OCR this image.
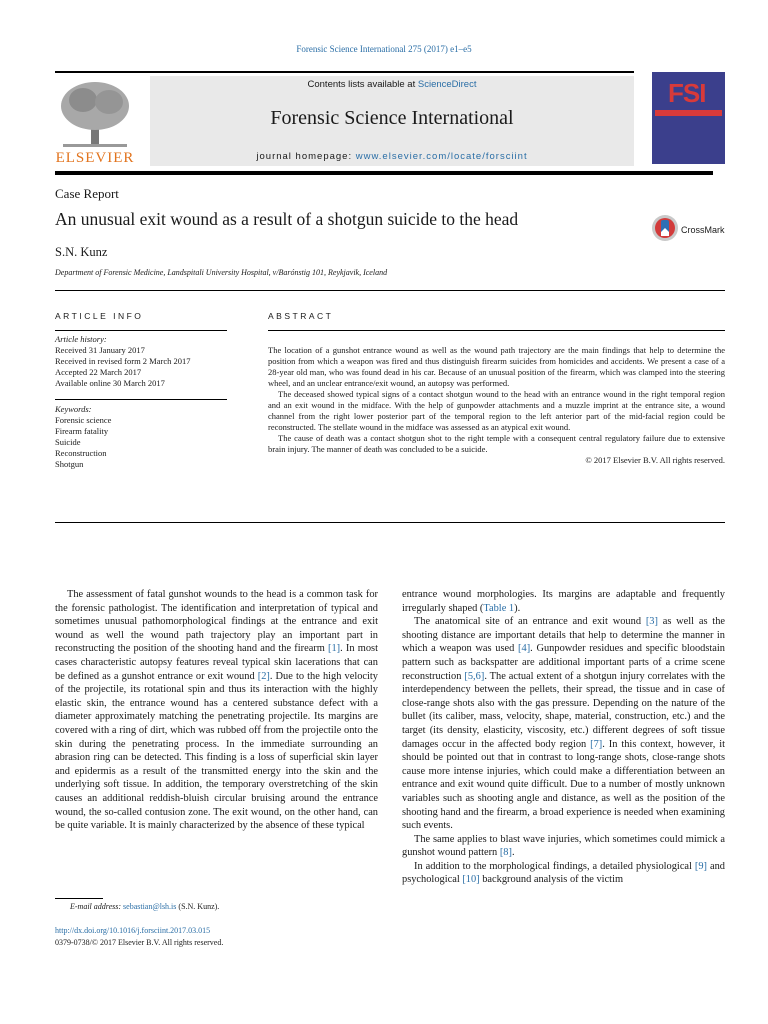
Forensic Science International 275 (2017) e1–e5
ELSEVIER
Contents lists available at ScienceDirect
Forensic Science International
journal homepage: www.elsevier.com/locate/forsciint
FSI
Case Report
An unusual exit wound as a result of a shotgun suicide to the head
CrossMark
S.N. Kunz
Department of Forensic Medicine, Landspitali University Hospital, v/Barónstig 101, Reykjavik, Iceland
ARTICLE INFO	ABSTRACT
Article history:
Received 31 January 2017
Received in revised form 2 March 2017
Accepted 22 March 2017
Available online 30 March 2017
Keywords:
Forensic science
Firearm fatality
Suicide
Reconstruction
Shotgun

The location of a gunshot entrance wound as well as the wound path trajectory are the main findings that help to determine the position from which a weapon was fired and thus distinguish firearm suicides from homicides and accidents. We present a case of a 28-year old man, who was found dead in his car. Because of an unusual position of the firearm, which was clamped into the steering wheel, and an unclear entrance/exit wound, an autopsy was performed.

The deceased showed typical signs of a contact shotgun wound to the head with an entrance wound in the right temporal region and an exit wound in the midface. With the help of gunpowder attachments and a muzzle imprint at the entrance site, a wound channel from the right lower posterior part of the temporal region to the left anterior part of the mid-facial region could be reconstructed. The stellate wound in the midface was assessed as an atypical exit wound.

The cause of death was a contact shotgun shot to the right temple with a consequent central regulatory failure due to extensive brain injury. The manner of death was concluded to be a suicide.

© 2017 Elsevier B.V. All rights reserved.

The assessment of fatal gunshot wounds to the head is a common task for the forensic pathologist. The identification and interpretation of typical and sometimes unusual pathomorphological findings at the entrance and exit wound as well the wound path trajectory play an important part in reconstructing the position of the shooting hand and the firearm [1]. In most cases characteristic autopsy features reveal typical skin lacerations that can be defined as a gunshot entrance or exit wound [2]. Due to the high velocity of the projectile, its rotational spin and thus its interaction with the highly elastic skin, the entrance wound has a centered substance defect with a diameter approximately matching the penetrating projectile. Its margins are covered with a ring of dirt, which was rubbed off from the projectile onto the skin during the penetrating process. In the immediate surrounding an abrasion ring can be detected. This finding is a loss of superficial skin layer and epidermis as a result of the transmitted energy into the skin and the underlying soft tissue. In addition, the temporary overstretching of the skin causes an additional reddish-bluish circular bruising around the entrance wound, the so-called contusion zone. The exit wound, on the other hand, can be quite variable. It is mainly characterized by the absence of these typical

entrance wound morphologies. Its margins are adaptable and frequently irregularly shaped (Table 1).

The anatomical site of an entrance and exit wound [3] as well as the shooting distance are important details that help to determine the manner in which a weapon was used [4]. Gunpowder residues and specific bloodstain pattern such as backspatter are additional important parts of a crime scene reconstruction [5,6]. The actual extent of a shotgun injury correlates with the interdependency between the pellets, their spread, the tissue and in case of close-range shots also with the gas pressure. Depending on the nature of the bullet (its caliber, mass, velocity, shape, material, construction, etc.) and the target (its density, elasticity, viscosity, etc.) different degrees of soft tissue damages occur in the affected body region [7]. In this context, however, it should be pointed out that in contrast to long-range shots, close-range shots cause more intense injuries, which could make a differentiation between an entrance and exit wound quite difficult. Due to a number of mostly unknown variables such as shooting angle and distance, as well as the position of the shooting hand and the firearm, a broad experience is needed when examining such events.

The same applies to blast wave injuries, which sometimes could mimick a gunshot wound pattern [8].

In addition to the morphological findings, a detailed physiological [9] and psychological [10] background analysis of the victim

E-mail address: sebastian@lsh.is (S.N. Kunz).
http://dx.doi.org/10.1016/j.forsciint.2017.03.015
0379-0738/© 2017 Elsevier B.V. All rights reserved.
